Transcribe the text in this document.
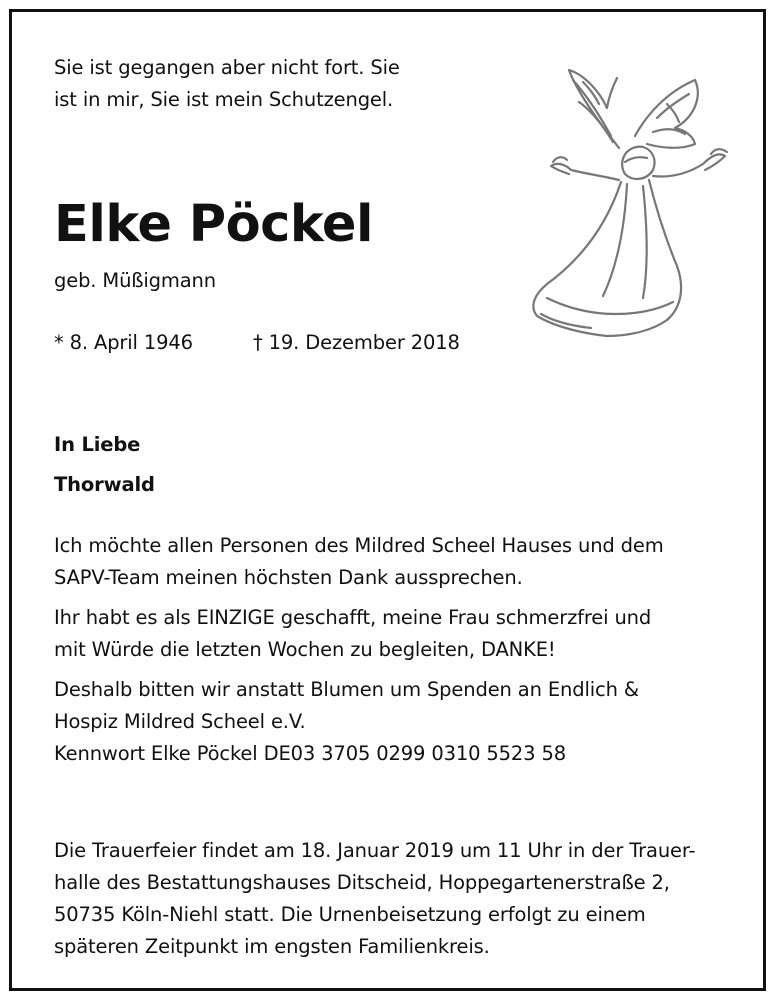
Sie ist gegangen aber nicht fort. Sie
ist in mir, Sie ist mein Schutzengel.

Elke Pöckel

geb. Müßigmann

* 8. April 1946	† 19. Dezember 2018

In Liebe
Thorwald

Ich möchte allen Personen des Mildred Scheel Hauses und dem
SAPV-Team meinen höchsten Dank aussprechen.

Ihr habt es als EINZIGE geschafft, meine Frau schmerzfrei und
mit Würde die letzten Wochen zu begleiten, DANKE!

Deshalb bitten wir anstatt Blumen um Spenden an Endlich &
Hospiz Mildred Scheel e.V.
Kennwort Elke Pöckel DE03 3705 0299 0310 5523 58

Die Trauerfeier findet am 18. Januar 2019 um 11 Uhr in der Trauer-
halle des Bestattungshauses Ditscheid, Hoppegartenerstraße 2,
50735 Köln-Niehl statt. Die Urnenbeisetzung erfolgt zu einem
späteren Zeitpunkt im engsten Familienkreis.
